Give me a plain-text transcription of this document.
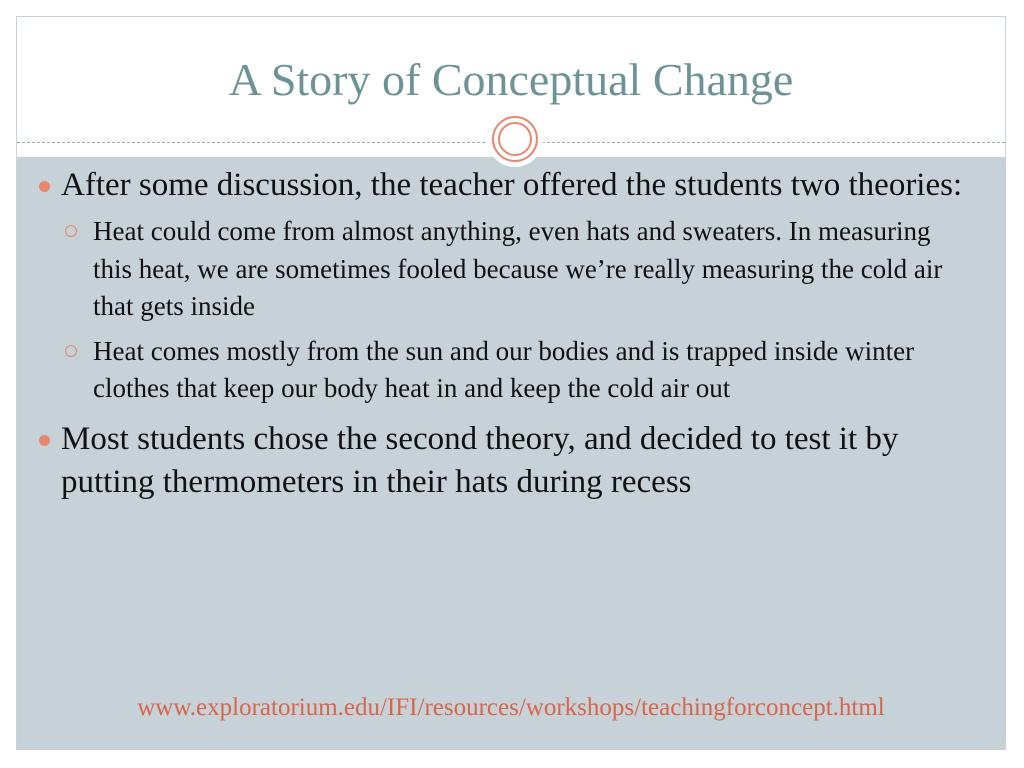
A Story of Conceptual Change
After some discussion, the teacher offered the students two theories:
Heat could come from almost anything, even hats and sweaters. In measuring this heat, we are sometimes fooled because we’re really measuring the cold air that gets inside
Heat comes mostly from the sun and our bodies and is trapped inside winter clothes that keep our body heat in and keep the cold air out
Most students chose the second theory, and decided to test it by putting thermometers in their hats during recess
www.exploratorium.edu/IFI/resources/workshops/teachingforconcept.html
